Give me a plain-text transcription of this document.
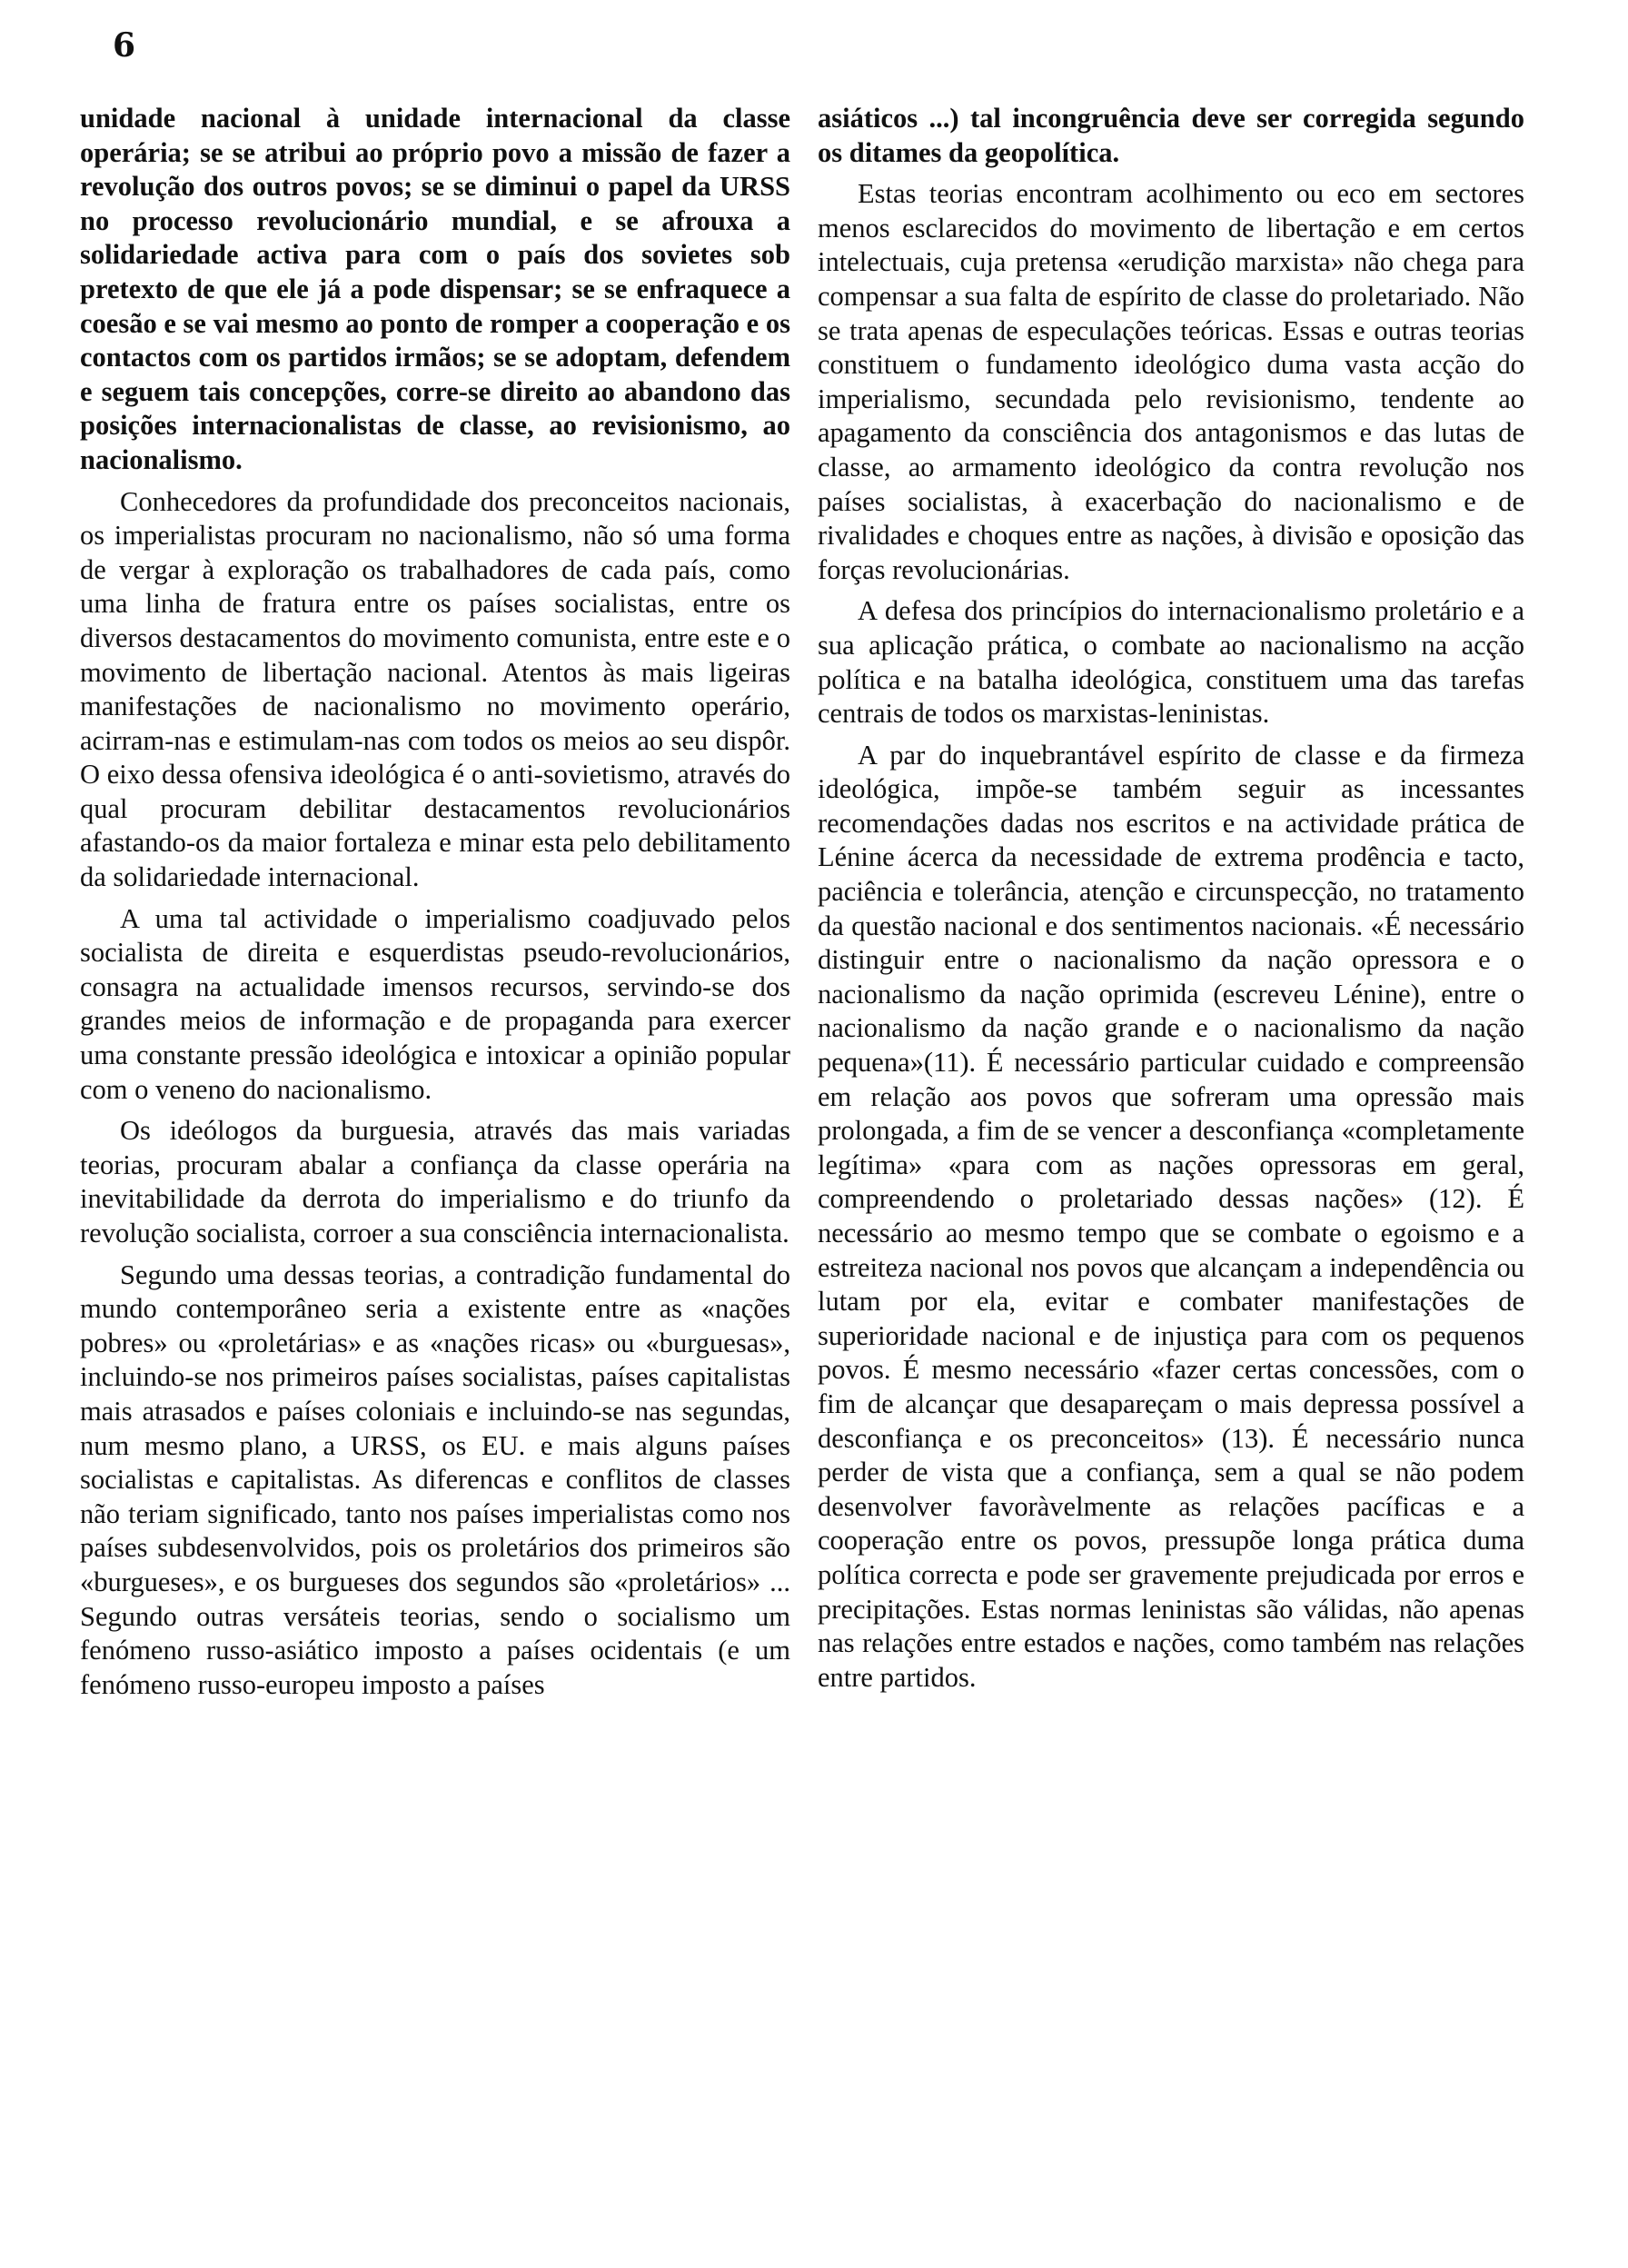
6

unidade nacional à unidade internacional da classe operária; se se atribui ao próprio povo a missão de fazer a revolução dos outros povos; se se diminui o papel da URSS no processo revolucionário mundial, e se afrouxa a solidariedade activa para com o país dos sovietes sob pretexto de que ele já a pode dispensar; se se enfraquece a coesão e se vai mesmo ao ponto de romper a cooperação e os contactos com os partidos irmãos; se se adoptam, defendem e seguem tais concepções, corre-se direito ao abandono das posições internacionalistas de classe, ao revisionismo, ao nacionalismo.

Conhecedores da profundidade dos preconceitos nacionais, os imperialistas procuram no nacionalismo, não só uma forma de vergar à exploração os trabalhadores de cada país, como uma linha de fratura entre os países socialistas, entre os diversos destacamentos do movimento comunista, entre este e o movimento de libertação nacional. Atentos às mais ligeiras manifestações de nacionalismo no movimento operário, acirram-nas e estimulam-nas com todos os meios ao seu dispôr. O eixo dessa ofensiva ideológica é o anti-sovietismo, através do qual procuram debilitar destacamentos revolucionários afastando-os da maior fortaleza e minar esta pelo debilitamento da solidariedade internacional.

A uma tal actividade o imperialismo coadjuvado pelos socialista de direita e esquerdistas pseudo-revolucionários, consagra na actualidade imensos recursos, servindo-se dos grandes meios de informação e de propaganda para exercer uma constante pressão ideológica e intoxicar a opinião popular com o veneno do nacionalismo.

Os ideólogos da burguesia, através das mais variadas teorias, procuram abalar a confiança da classe operária na inevitabilidade da derrota do imperialismo e do triunfo da revolução socialista, corroer a sua consciência internacionalista.

Segundo uma dessas teorias, a contradição fundamental do mundo contemporâneo seria a existente entre as «nações pobres» ou «proletárias» e as «nações ricas» ou «burguesas», incluindo-se nos primeiros países socialistas, países capitalistas mais atrasados e países coloniais e incluindo-se nas segundas, num mesmo plano, a URSS, os EU. e mais alguns países socialistas e capitalistas. As diferencas e conflitos de classes não teriam significado, tanto nos países imperialistas como nos países subdesenvolvidos, pois os proletários dos primeiros são «burgueses», e os burgueses dos segundos são «proletários» ... Segundo outras versáteis teorias, sendo o socialismo um fenómeno russo-asiático imposto a países ocidentais (e um fenómeno russo-europeu imposto a países

asiáticos ...) tal incongruência deve ser corregida segundo os ditames da geopolítica.

Estas teorias encontram acolhimento ou eco em sectores menos esclarecidos do movimento de libertação e em certos intelectuais, cuja pretensa «erudição marxista» não chega para compensar a sua falta de espírito de classe do proletariado. Não se trata apenas de especulações teóricas. Essas e outras teorias constituem o fundamento ideológico duma vasta acção do imperialismo, secundada pelo revisionismo, tendente ao apagamento da consciência dos antagonismos e das lutas de classe, ao armamento ideológico da contra revolução nos países socialistas, à exacerbação do nacionalismo e de rivalidades e choques entre as nações, à divisão e oposição das forças revolucionárias.

A defesa dos princípios do internacionalismo proletário e a sua aplicação prática, o combate ao nacionalismo na acção política e na batalha ideológica, constituem uma das tarefas centrais de todos os marxistas-leninistas.

A par do inquebrantável espírito de classe e da firmeza ideológica, impõe-se também seguir as incessantes recomendações dadas nos escritos e na actividade prática de Lénine ácerca da necessidade de extrema prodência e tacto, paciência e tolerância, atenção e circunspecção, no tratamento da questão nacional e dos sentimentos nacionais. «É necessário distinguir entre o nacionalismo da nação opressora e o nacionalismo da nação oprimida (escreveu Lénine), entre o nacionalismo da nação grande e o nacionalismo da nação pequena»(11). É necessário particular cuidado e compreensão em relação aos povos que sofreram uma opressão mais prolongada, a fim de se vencer a desconfiança «completamente legítima» «para com as nações opressoras em geral, compreendendo o proletariado dessas nações» (12). É necessário ao mesmo tempo que se combate o egoismo e a estreiteza nacional nos povos que alcançam a independência ou lutam por ela, evitar e combater manifestações de superioridade nacional e de injustiça para com os pequenos povos. É mesmo necessário «fazer certas concessões, com o fim de alcançar que desapareçam o mais depressa possível a desconfiança e os preconceitos» (13). É necessário nunca perder de vista que a confiança, sem a qual se não podem desenvolver favoràvelmente as relações pacíficas e a cooperação entre os povos, pressupõe longa prática duma política correcta e pode ser gravemente prejudicada por erros e precipitações. Estas normas leninistas são válidas, não apenas nas relações entre estados e nações, como também nas relações entre partidos.
